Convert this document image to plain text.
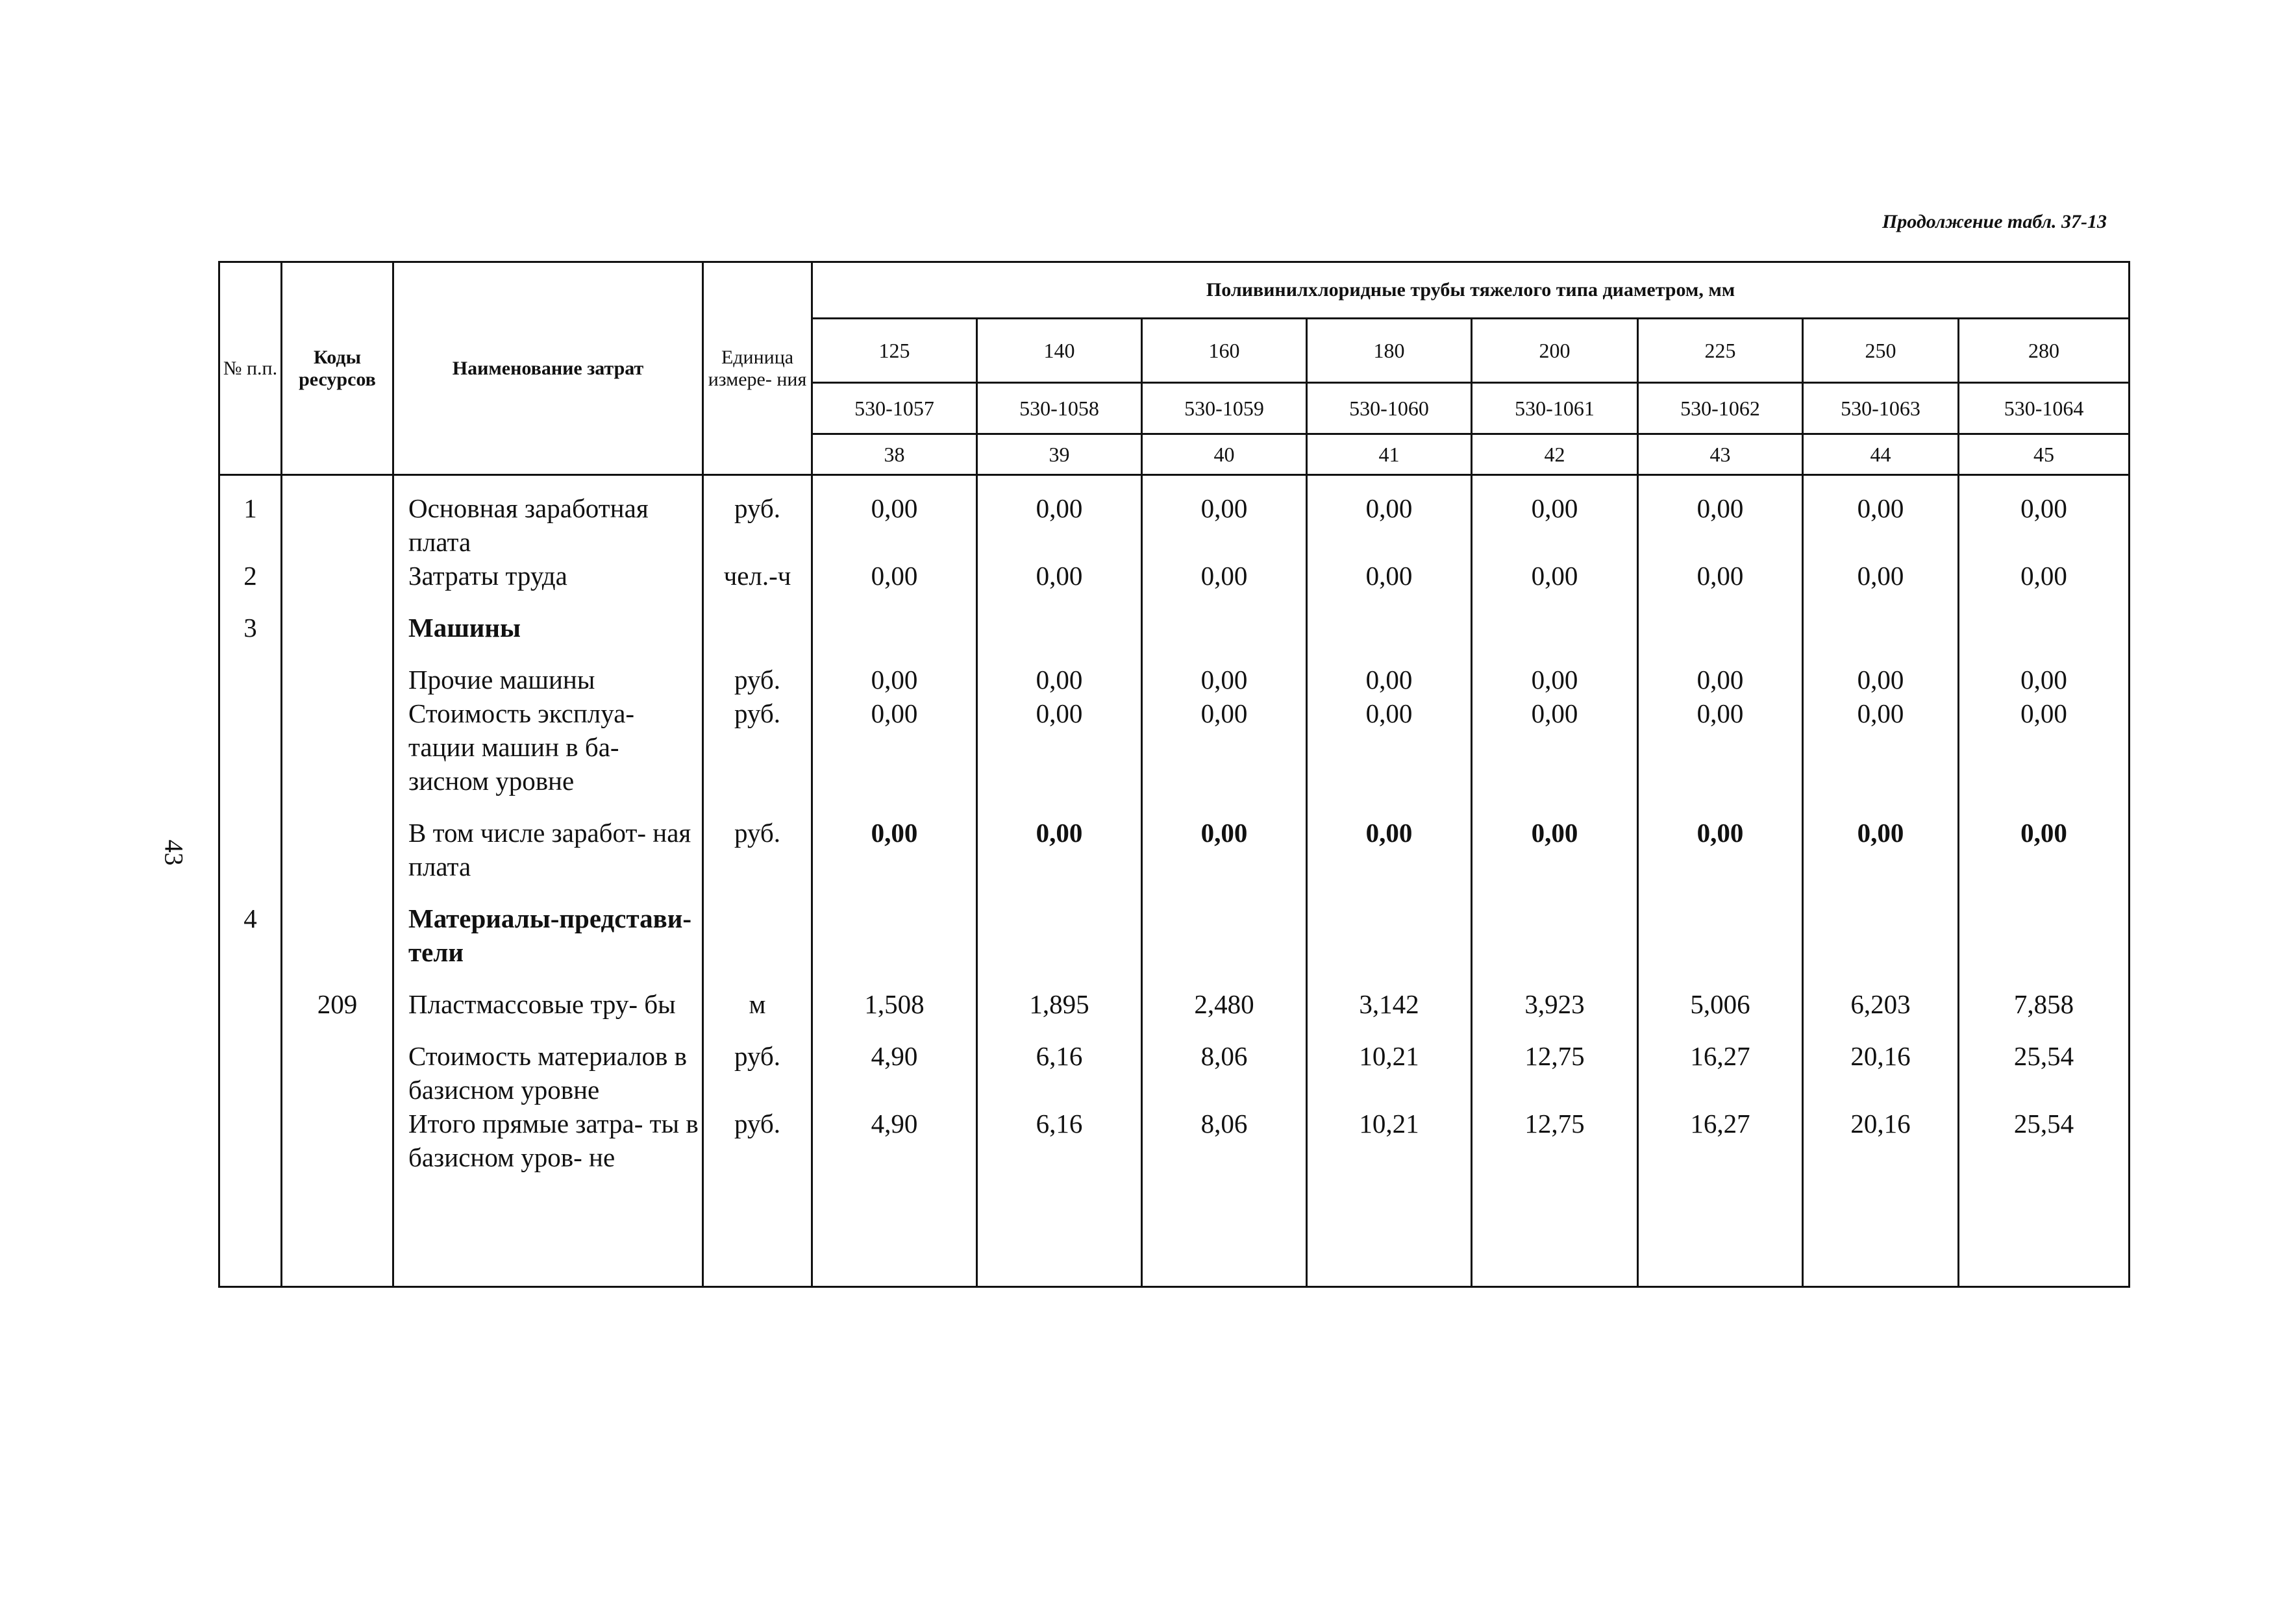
Продолжение табл. 37-13
43
№ п.п.	Коды ресурсов	Наименование затрат	Единица измере- ния	Поливинилхлоридные трубы тяжелого типа диаметром, мм							
				125	140	160	180	200	225	250	280
				530-1057	530-1058	530-1059	530-1060	530-1061	530-1062	530-1063	530-1064
				38	39	40	41	42	43	44	45
1		Основная заработная плата	руб.	0,00	0,00	0,00	0,00	0,00	0,00	0,00	0,00
2		Затраты труда	чел.-ч	0,00	0,00	0,00	0,00	0,00	0,00	0,00	0,00

3		Машины									

		Прочие машины	руб.	0,00	0,00	0,00	0,00	0,00	0,00	0,00	0,00
		Стоимость эксплуа- тации машин в ба- зисном уровне	руб.	0,00	0,00	0,00	0,00	0,00	0,00	0,00	0,00

		В том числе заработ- ная плата	руб.	0,00	0,00	0,00	0,00	0,00	0,00	0,00	0,00

4		Материалы-представи- тели									

	209	Пластмассовые тру- бы	м	1,508	1,895	2,480	3,142	3,923	5,006	6,203	7,858

		Стоимость материалов в базисном уровне	руб.	4,90	6,16	8,06	10,21	12,75	16,27	20,16	25,54
		Итого прямые затра- ты в базисном уров- не	руб.	4,90	6,16	8,06	10,21	12,75	16,27	20,16	25,54
